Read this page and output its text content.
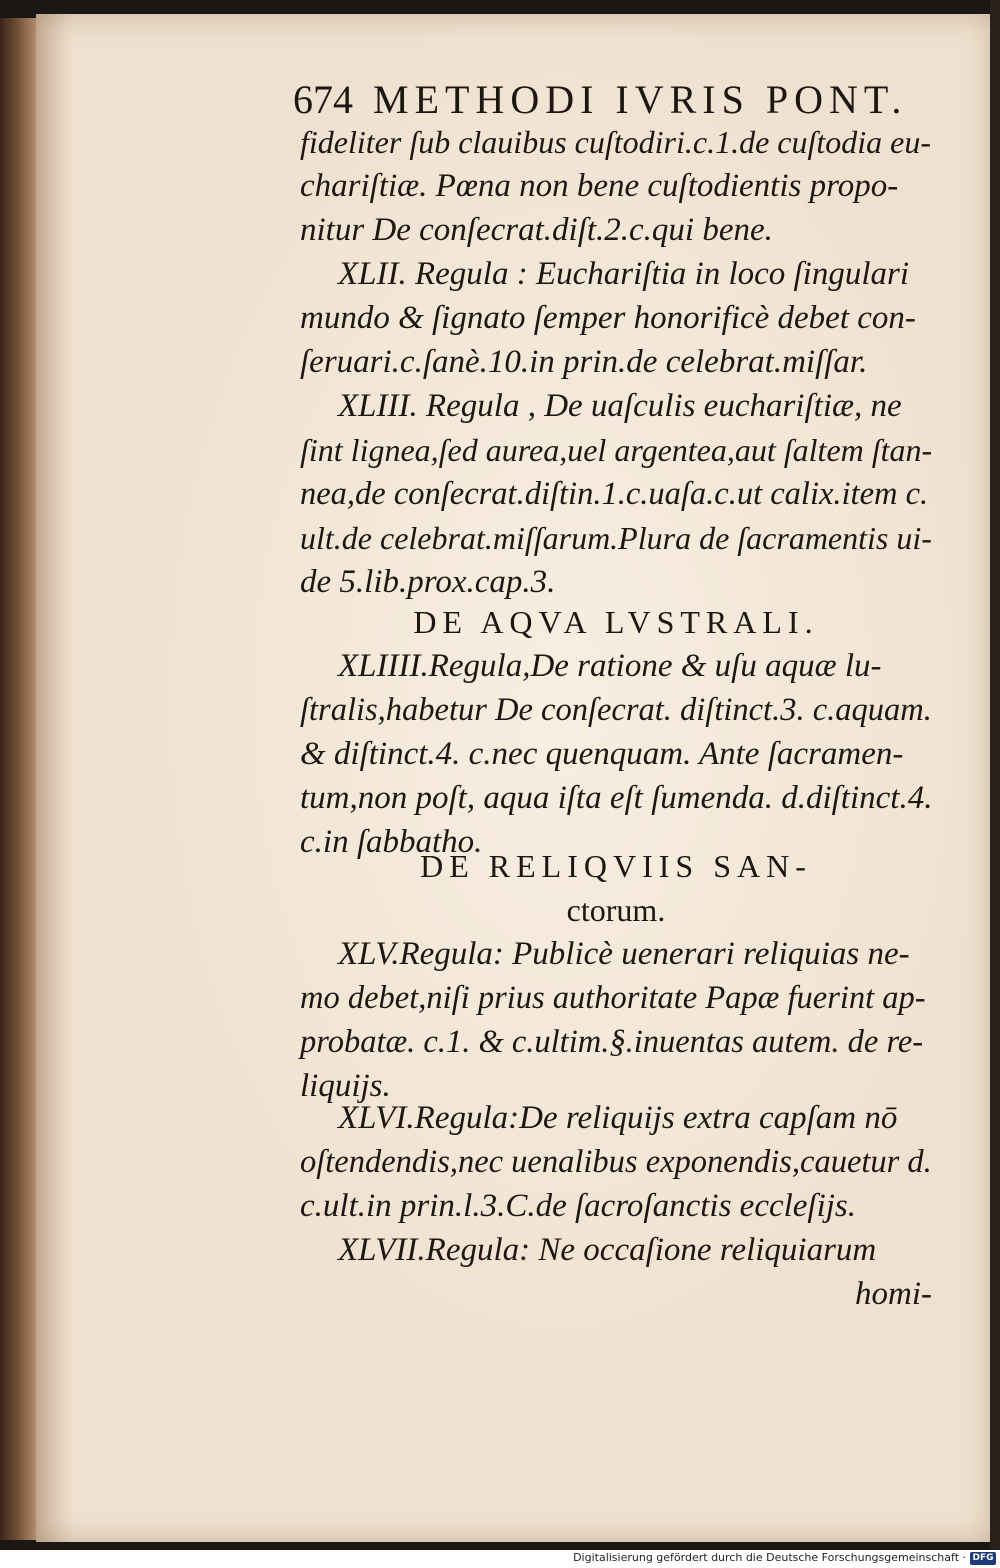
674 METHODI IVRIS PONT.
fideliter ſub clauibus cuſtodiri.c.1.de cuſtodia eu-
chariſtiæ. Pœna non bene cuſtodientis propo-
nitur De conſecrat.diſt.2.c.qui bene.
XLII. Regula : Euchariſtia in loco ſingulari
mundo & ſignato ſemper honorificè debet con-
ſeruari.c.ſanè.10.in prin.de celebrat.miſſar.
XLIII. Regula , De uaſculis euchariſtiæ, ne
ſint lignea,ſed aurea,uel argentea,aut ſaltem ſtan-
nea,de conſecrat.diſtin.1.c.uaſa.c.ut calix.item c.
ult.de celebrat.miſſarum.Plura de ſacramentis ui-
de 5.lib.prox.cap.3.
DE AQVA LVSTRALI.
XLIIII.Regula,De ratione & uſu aquæ lu-
ſtralis,habetur De conſecrat. diſtinct.3. c.aquam.
& diſtinct.4. c.nec quenquam. Ante ſacramen-
tum,non poſt, aqua iſta eſt ſumenda. d.diſtinct.4.
c.in ſabbatho.
DE RELIQVIIS SAN-
ctorum.
XLV.Regula: Publicè uenerari reliquias ne-
mo debet,niſi prius authoritate Papæ fuerint ap-
probatæ. c.1. & c.ultim.§.inuentas autem. de re-
liquijs.
XLVI.Regula:De reliquijs extra capſam nō
oſtendendis,nec uenalibus exponendis,cauetur d.
c.ult.in prin.l.3.C.de ſacroſanctis eccleſijs.
XLVII.Regula: Ne occaſione reliquiarum
homi-
Digitalisierung gefördert durch die Deutsche Forschungsgemeinschaft · DFG
